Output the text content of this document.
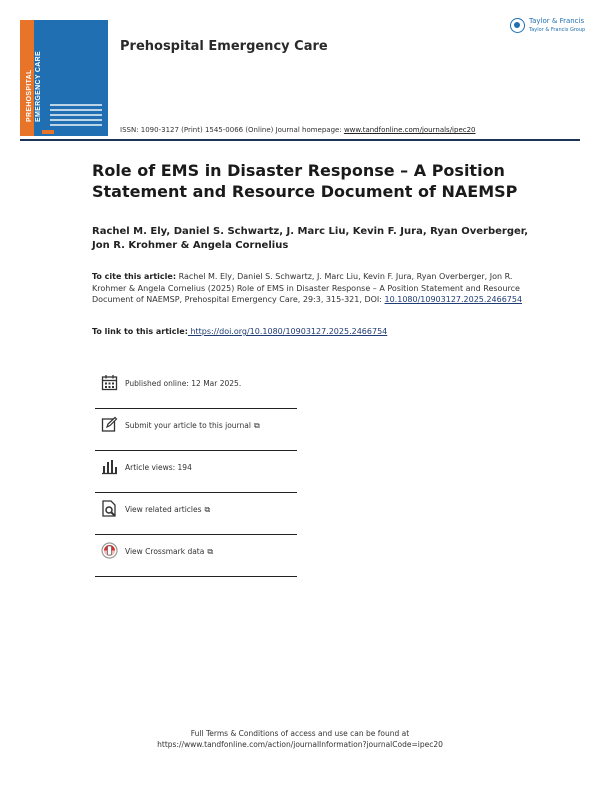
PREHOSPITAL
EMERGENCY CARE
Prehospital Emergency Care
Taylor & Francis
Taylor & Francis Group
ISSN: 1090-3127 (Print) 1545-0066 (Online) Journal homepage: www.tandfonline.com/journals/ipec20
Role of EMS in Disaster Response – A Position Statement and Resource Document of NAEMSP
Rachel M. Ely, Daniel S. Schwartz, J. Marc Liu, Kevin F. Jura, Ryan Overberger, Jon R. Krohmer & Angela Cornelius
To cite this article: Rachel M. Ely, Daniel S. Schwartz, J. Marc Liu, Kevin F. Jura, Ryan Overberger, Jon R. Krohmer & Angela Cornelius (2025) Role of EMS in Disaster Response – A Position Statement and Resource Document of NAEMSP, Prehospital Emergency Care, 29:3, 315-321, DOI: 10.1080/10903127.2025.2466754
To link to this article: https://doi.org/10.1080/10903127.2025.2466754
Published online: 12 Mar 2025.
Submit your article to this journal ⧉
Article views: 194
View related articles ⧉
View Crossmark data ⧉
Full Terms & Conditions of access and use can be found at
https://www.tandfonline.com/action/journalInformation?journalCode=ipec20
